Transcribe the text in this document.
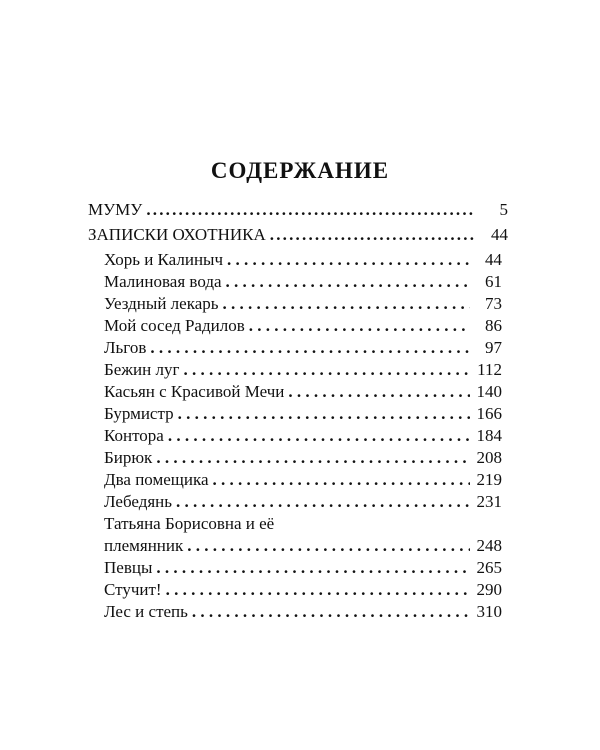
СОДЕРЖАНИЕ
МУМУ .....	5
ЗАПИСКИ ОХОТНИКА .....	44
Хорь и Калиныч . . .	44
Малиновая вода . . .	61
Уездный лекарь . . .	73
Мой сосед Радилов . . .	86
Льгов . . .	97
Бежин луг . . .	112
Касьян с Красивой Мечи . . .	140
Бурмистр . . .	166
Контора . . .	184
Бирюк . . .	208
Два помещика . . .	219
Лебедянь . . .	231
Татьяна Борисовна и её
племянник . . .	248
Певцы . . .	265
Стучит! . . .	290
Лес и степь . . .	310
